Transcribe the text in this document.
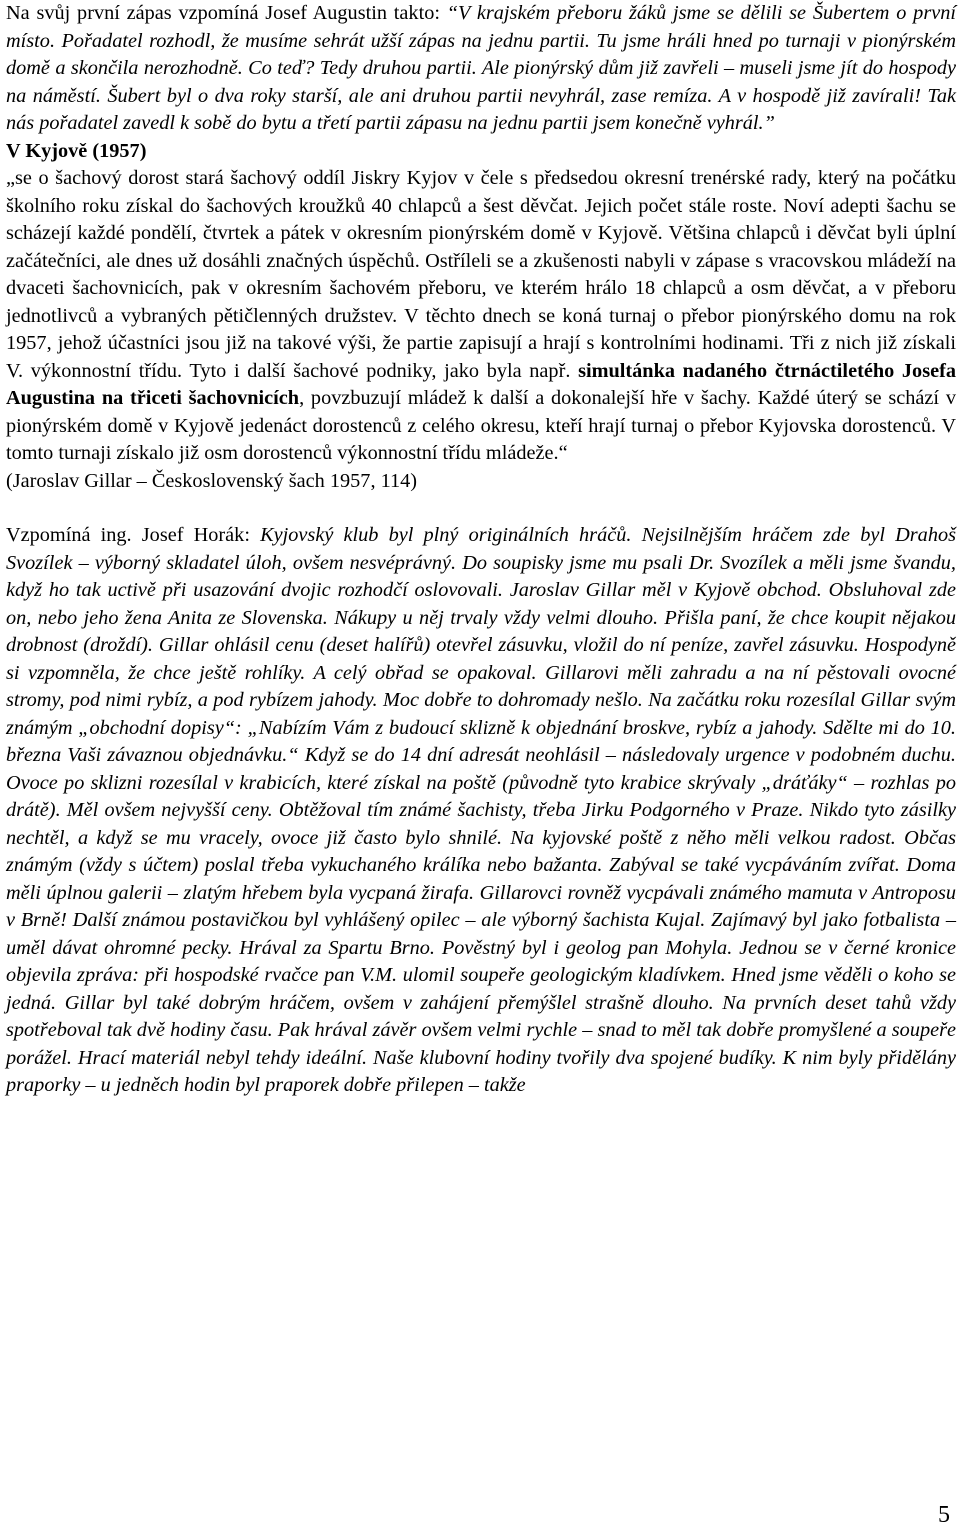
Na svůj první zápas vzpomíná Josef Augustin takto: “V krajském přeboru žáků jsme se dělili se Šubertem o první místo. Pořadatel rozhodl, že musíme sehrát užší zápas na jednu partii. Tu jsme hráli hned po turnaji v pionýrském domě a skončila nerozhodně. Co teď? Tedy druhou partii. Ale pionýrský dům již zavřeli – museli jsme jít do hospody na náměstí. Šubert byl o dva roky starší, ale ani druhou partii nevyhrál, zase remíza. A v hospodě již zavírali! Tak nás pořadatel zavedl k sobě do bytu a třetí partii zápasu na jednu partii jsem konečně vyhrál.”

V Kyjově (1957)

„se o šachový dorost stará šachový oddíl Jiskry Kyjov v čele s předsedou okresní trenérské rady, který na počátku školního roku získal do šachových kroužků 40 chlapců a šest děvčat. Jejich počet stále roste. Noví adepti šachu se scházejí každé pondělí, čtvrtek a pátek v okresním pionýrském domě v Kyjově. Většina chlapců i děvčat byli úplní začátečníci, ale dnes už dosáhli značných úspěchů. Ostříleli se a zkušenosti nabyli v zápase s vracovskou mládeží na dvaceti šachovnicích, pak v okresním šachovém přeboru, ve kterém hrálo 18 chlapců a osm děvčat, a v přeboru jednotlivců a vybraných pětičlenných družstev. V těchto dnech se koná turnaj o přebor pionýrského domu na rok 1957, jehož účastníci jsou již na takové výši, že partie zapisují a hrají s kontrolními hodinami. Tři z nich již získali V. výkonnostní třídu. Tyto i další šachové podniky, jako byla např. simultánka nadaného čtrnáctiletého Josefa Augustina na třiceti šachovnicích, povzbuzují mládež k další a dokonalejší hře v šachy. Každé úterý se schází v pionýrském domě v Kyjově jedenáct dorostenců z celého okresu, kteří hrají turnaj o přebor Kyjovska dorostenců. V tomto turnaji získalo již osm dorostenců výkonnostní třídu mládeže.“

(Jaroslav Gillar – Československý šach 1957, 114)

Vzpomíná ing. Josef Horák: Kyjovský klub byl plný originálních hráčů. Nejsilnějším hráčem zde byl Drahoš Svozílek – výborný skladatel úloh, ovšem nesvéprávný. Do soupisky jsme mu psali Dr. Svozílek a měli jsme švandu, když ho tak uctivě při usazování dvojic rozhodčí oslovovali. Jaroslav Gillar měl v Kyjově obchod. Obsluhoval zde on, nebo jeho žena Anita ze Slovenska. Nákupy u něj trvaly vždy velmi dlouho. Přišla paní, že chce koupit nějakou drobnost (droždí). Gillar ohlásil cenu (deset halířů) otevřel zásuvku, vložil do ní peníze, zavřel zásuvku. Hospodyně si vzpomněla, že chce ještě rohlíky. A celý obřad se opakoval. Gillarovi měli zahradu a na ní pěstovali ovocné stromy, pod nimi rybíz, a pod rybízem jahody. Moc dobře to dohromady nešlo. Na začátku roku rozesílal Gillar svým známým „obchodní dopisy“: „Nabízím Vám z budoucí sklizně k objednání broskve, rybíz a jahody. Sdělte mi do 10. března Vaši závaznou objednávku.“ Když se do 14 dní adresát neohlásil – následovaly urgence v podobném duchu. Ovoce po sklizni rozesílal v krabicích, které získal na poště (původně tyto krabice skrývaly „dráťáky“ – rozhlas po drátě). Měl ovšem nejvyšší ceny. Obtěžoval tím známé šachisty, třeba Jirku Podgorného v Praze. Nikdo tyto zásilky nechtěl, a když se mu vracely, ovoce již často bylo shnilé. Na kyjovské poště z něho měli velkou radost. Občas známým (vždy s účtem) poslal třeba vykuchaného králíka nebo bažanta. Zabýval se také vycpáváním zvířat. Doma měli úplnou galerii – zlatým hřebem byla vycpaná žirafa. Gillarovci rovněž vycpávali známého mamuta v Antroposu v Brně! Další známou postavičkou byl vyhlášený opilec – ale výborný šachista Kujal. Zajímavý byl jako fotbalista – uměl dávat ohromné pecky. Hrával za Spartu Brno. Pověstný byl i geolog pan Mohyla. Jednou se v černé kronice objevila zpráva: při hospodské rvačce pan V.M. ulomil soupeře geologickým kladívkem. Hned jsme věděli o koho se jedná. Gillar byl také dobrým hráčem, ovšem v zahájení přemýšlel strašně dlouho. Na prvních deset tahů vždy spotřeboval tak dvě hodiny času. Pak hrával závěr ovšem velmi rychle – snad to měl tak dobře promyšlené a soupeře porážel. Hrací materiál nebyl tehdy ideální. Naše klubovní hodiny tvořily dva spojené budíky. K nim byly přidělány praporky – u jedněch hodin byl praporek dobře přilepen – takže

5
